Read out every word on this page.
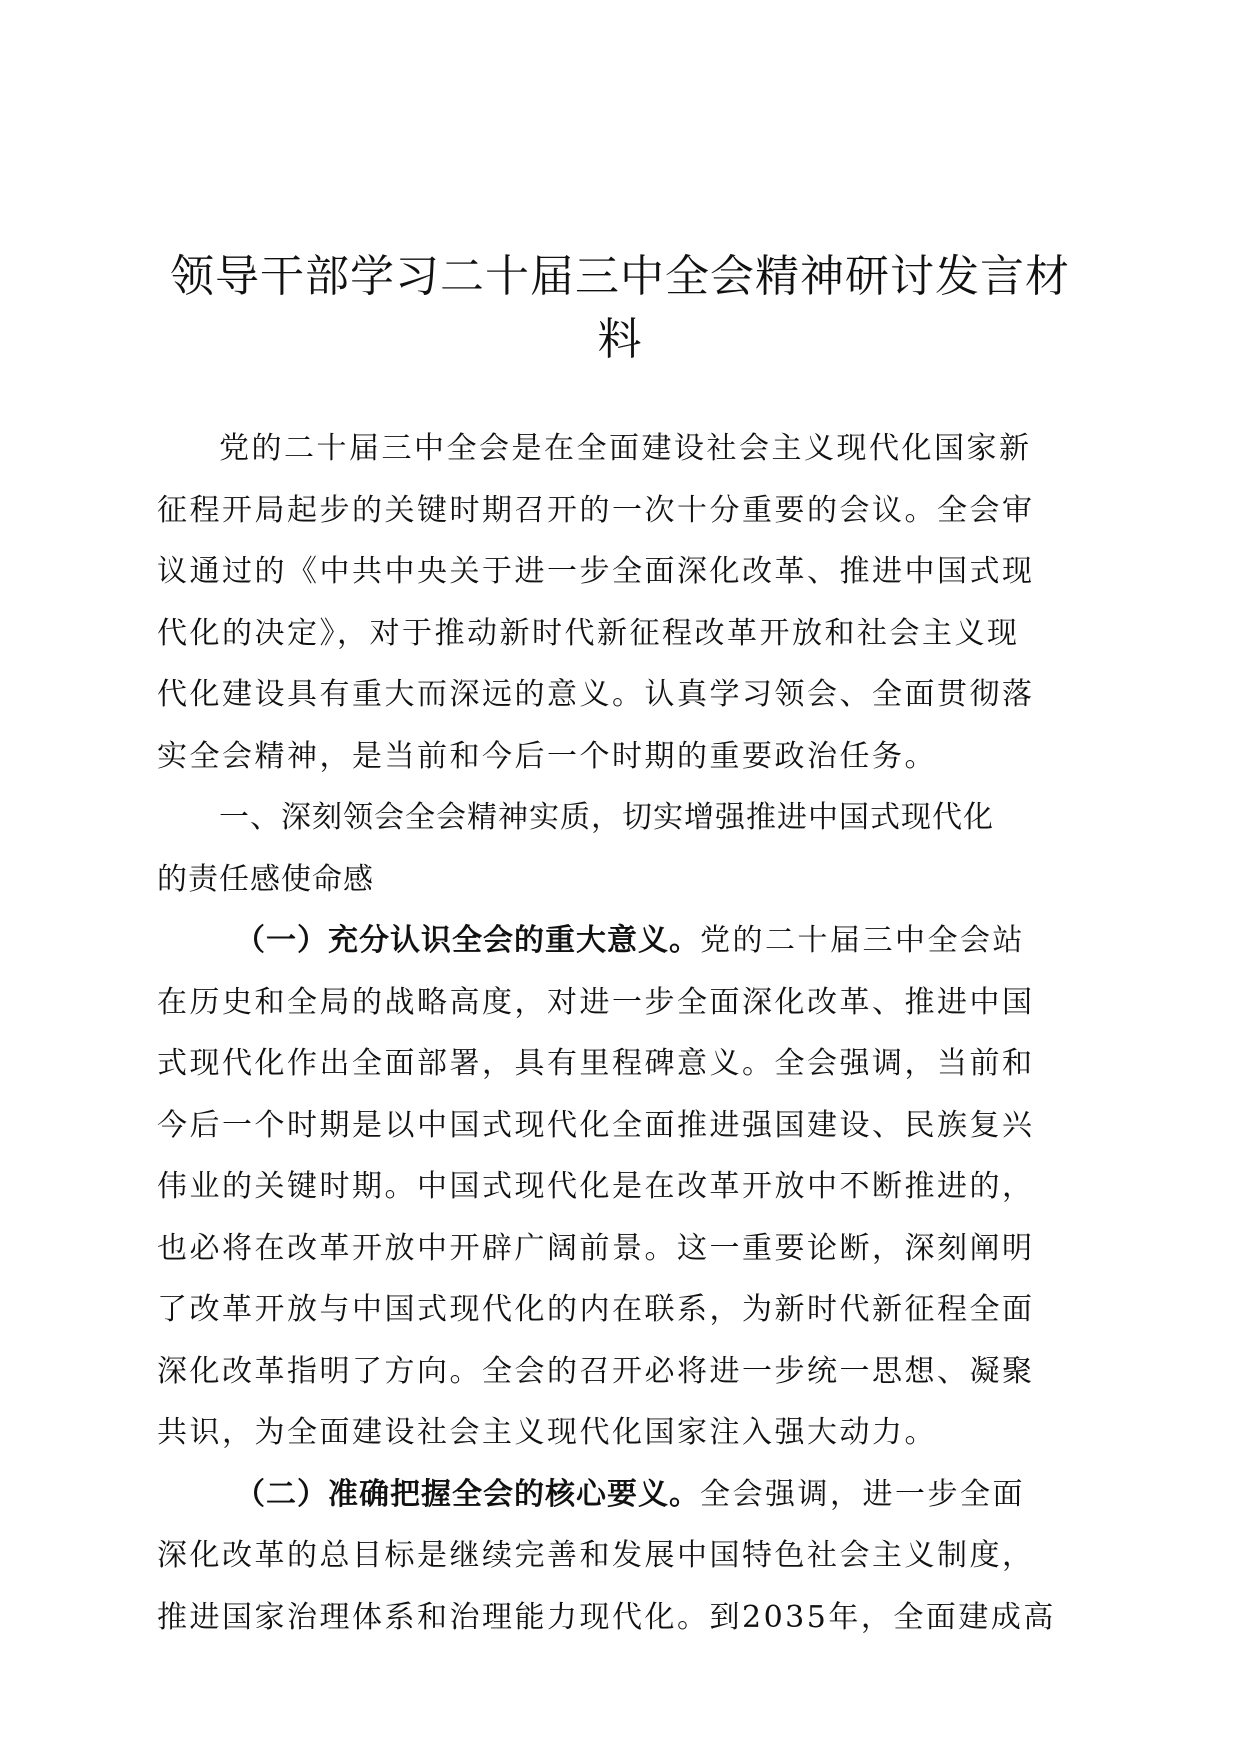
领导干部学习二十届三中全会精神研讨发言材
料

党的二十届三中全会是在全面建设社会主义现代化国家新
征程开局起步的关键时期召开的一次十分重要的会议。全会审
议通过的《中共中央关于进一步全面深化改革、推进中国式现
代化的决定》，对于推动新时代新征程改革开放和社会主义现
代化建设具有重大而深远的意义。认真学习领会、全面贯彻落
实全会精神，是当前和今后一个时期的重要政治任务。

一、深刻领会全会精神实质，切实增强推进中国式现代化
的责任感使命感

（一）充分认识全会的重大意义。党的二十届三中全会站
在历史和全局的战略高度，对进一步全面深化改革、推进中国
式现代化作出全面部署，具有里程碑意义。全会强调，当前和
今后一个时期是以中国式现代化全面推进强国建设、民族复兴
伟业的关键时期。中国式现代化是在改革开放中不断推进的，
也必将在改革开放中开辟广阔前景。这一重要论断，深刻阐明
了改革开放与中国式现代化的内在联系，为新时代新征程全面
深化改革指明了方向。全会的召开必将进一步统一思想、凝聚
共识，为全面建设社会主义现代化国家注入强大动力。

（二）准确把握全会的核心要义。全会强调，进一步全面
深化改革的总目标是继续完善和发展中国特色社会主义制度，
推进国家治理体系和治理能力现代化。到2035年，全面建成高
